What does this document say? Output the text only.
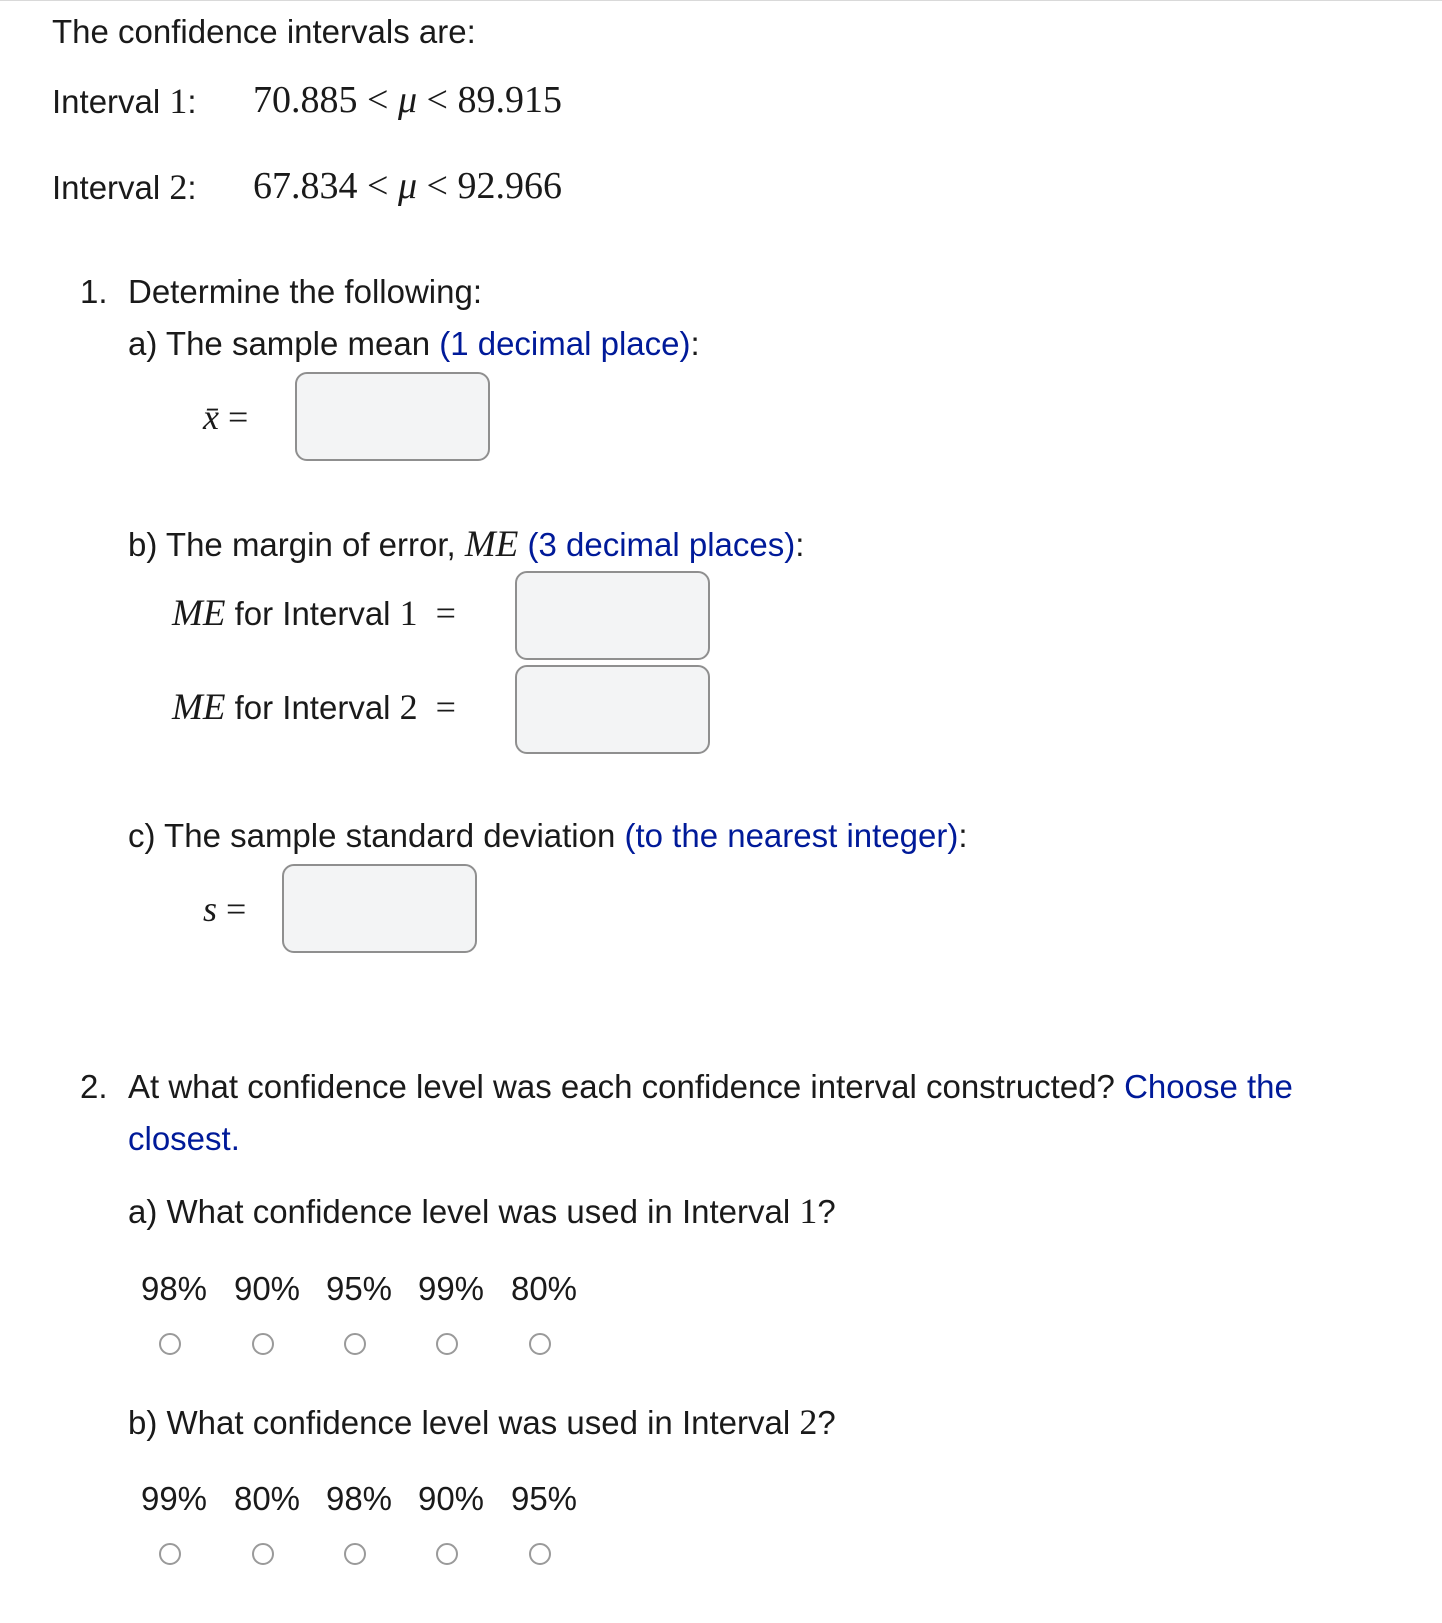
The confidence intervals are:
Interval 1: 70.885 < μ < 89.915
Interval 2: 67.834 < μ < 92.966
1. Determine the following:
a) The sample mean (1 decimal place):
x̄ =
b) The margin of error, ME (3 decimal places):
ME for Interval 1  =
ME for Interval 2  =
c) The sample standard deviation (to the nearest integer):
s =
2. At what confidence level was each confidence interval constructed? Choose the
closest.
a) What confidence level was used in Interval 1?
98% 90% 95% 99% 80%
b) What confidence level was used in Interval 2?
99% 80% 98% 90% 95%
